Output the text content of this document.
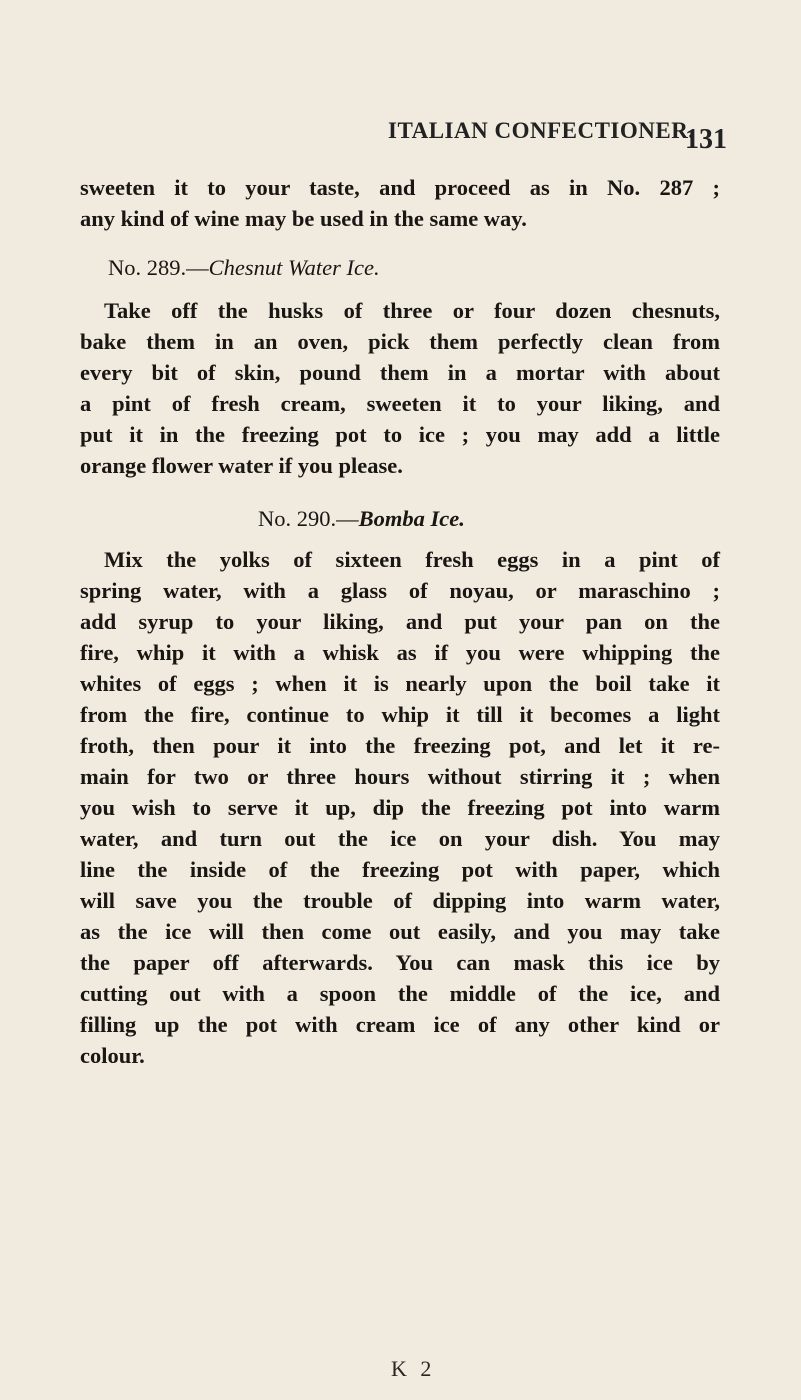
ITALIAN CONFECTIONER.
131
sweeten it to your taste, and proceed as in No. 287 ;
any kind of wine may be used in the same way.
No. 289.—Chesnut Water Ice.
Take off the husks of three or four dozen chesnuts,
bake them in an oven, pick them perfectly clean from
every bit of skin, pound them in a mortar with about
a pint of fresh cream, sweeten it to your liking, and
put it in the freezing pot to ice ; you may add a little
orange flower water if you please.
No. 290.—Bomba Ice.
Mix the yolks of sixteen fresh eggs in a pint of
spring water, with a glass of noyau, or maraschino ;
add syrup to your liking, and put your pan on the
fire, whip it with a whisk as if you were whipping the
whites of eggs ; when it is nearly upon the boil take it
from the fire, continue to whip it till it becomes a light
froth, then pour it into the freezing pot, and let it re-
main for two or three hours without stirring it ; when
you wish to serve it up, dip the freezing pot into warm
water, and turn out the ice on your dish. You may
line the inside of the freezing pot with paper, which
will save you the trouble of dipping into warm water,
as the ice will then come out easily, and you may take
the paper off afterwards. You can mask this ice by
cutting out with a spoon the middle of the ice, and
filling up the pot with cream ice of any other kind or
colour.
K 2
